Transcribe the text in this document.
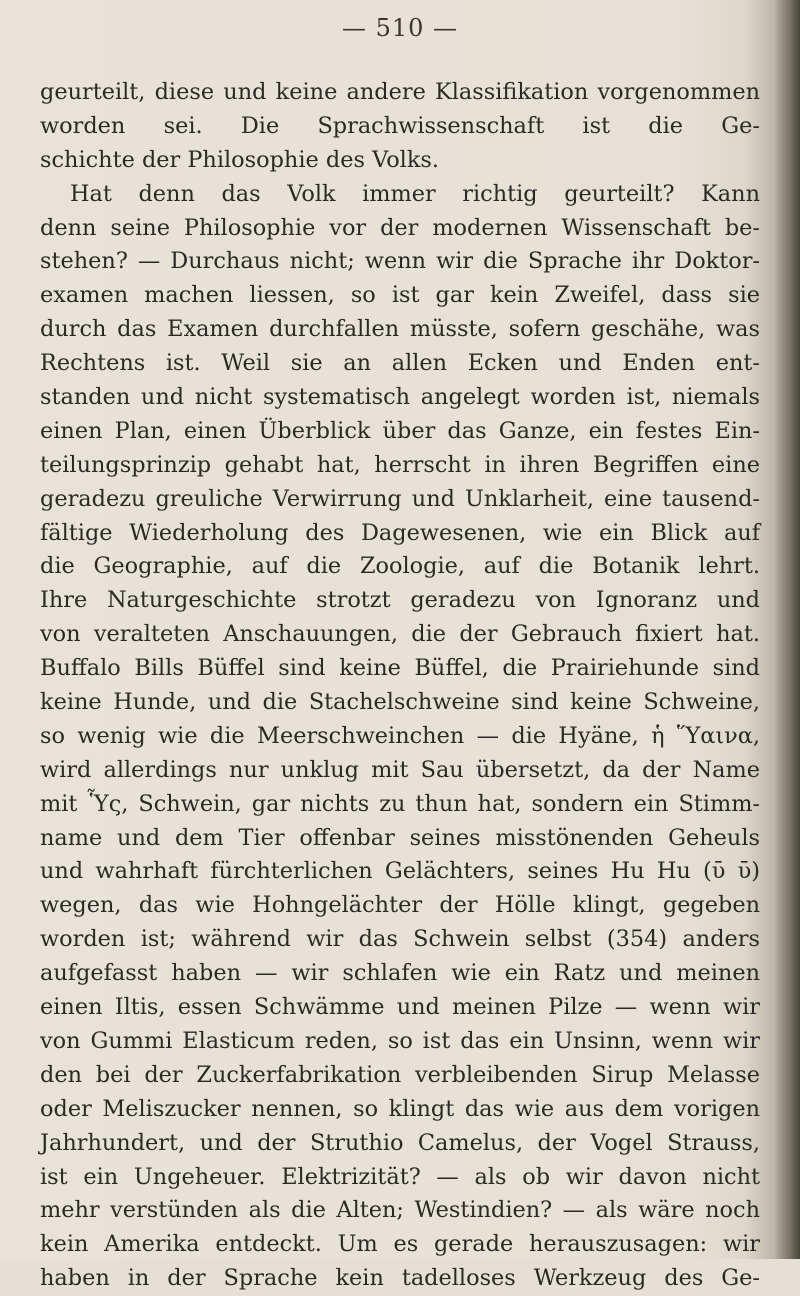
— 510 —
geurteilt, diese und keine andere Klassifikation vorgenommen
worden sei. Die Sprachwissenschaft ist die Ge-
schichte der Philosophie des Volks.
Hat denn das Volk immer richtig geurteilt? Kann
denn seine Philosophie vor der modernen Wissenschaft be-
stehen? — Durchaus nicht; wenn wir die Sprache ihr Doktor-
examen machen liessen, so ist gar kein Zweifel, dass sie
durch das Examen durchfallen müsste, sofern geschähe, was
Rechtens ist. Weil sie an allen Ecken und Enden ent-
standen und nicht systematisch angelegt worden ist, niemals
einen Plan, einen Überblick über das Ganze, ein festes Ein-
teilungsprinzip gehabt hat, herrscht in ihren Begriffen eine
geradezu greuliche Verwirrung und Unklarheit, eine tausend-
fältige Wiederholung des Dagewesenen, wie ein Blick auf
die Geographie, auf die Zoologie, auf die Botanik lehrt.
Ihre Naturgeschichte strotzt geradezu von Ignoranz und
von veralteten Anschauungen, die der Gebrauch fixiert hat.
Buffalo Bills Büffel sind keine Büffel, die Prairiehunde sind
keine Hunde, und die Stachelschweine sind keine Schweine,
so wenig wie die Meerschweinchen — die Hyäne, ἡ Ὕαινα,
wird allerdings nur unklug mit Sau übersetzt, da der Name
mit Ὗς, Schwein, gar nichts zu thun hat, sondern ein Stimm-
name und dem Tier offenbar seines misstönenden Geheuls
und wahrhaft fürchterlichen Gelächters, seines Hu Hu (ῡ ῡ)
wegen, das wie Hohngelächter der Hölle klingt, gegeben
worden ist; während wir das Schwein selbst (354) anders
aufgefasst haben — wir schlafen wie ein Ratz und meinen
einen Iltis, essen Schwämme und meinen Pilze — wenn wir
von Gummi Elasticum reden, so ist das ein Unsinn, wenn wir
den bei der Zuckerfabrikation verbleibenden Sirup Melasse
oder Meliszucker nennen, so klingt das wie aus dem vorigen
Jahrhundert, und der Struthio Camelus, der Vogel Strauss,
ist ein Ungeheuer. Elektrizität? — als ob wir davon nicht
mehr verstünden als die Alten; Westindien? — als wäre noch
kein Amerika entdeckt. Um es gerade herauszusagen: wir
haben in der Sprache kein tadelloses Werkzeug des Ge-
